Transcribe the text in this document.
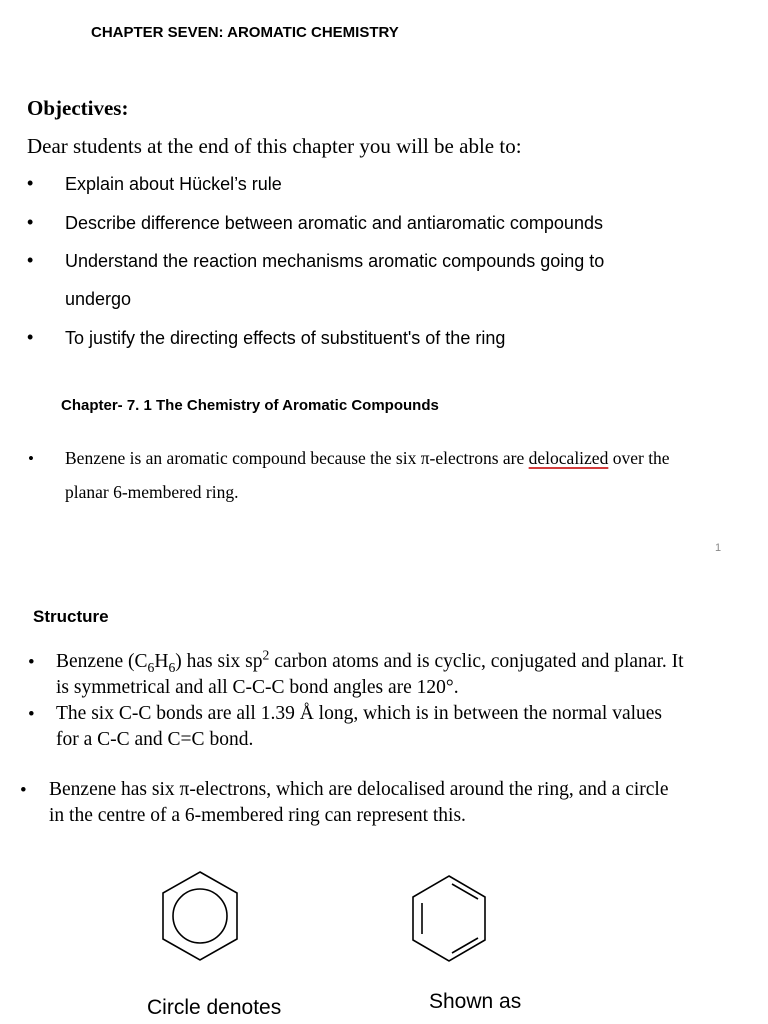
CHAPTER SEVEN: AROMATIC CHEMISTRY
Objectives:
Dear students at the end of this chapter you will be able to:
• Explain about Hückel’s rule
• Describe difference between aromatic and antiaromatic compounds
• Understand the reaction mechanisms aromatic compounds going to
undergo
• To justify the directing effects of substituent's of the ring
Chapter- 7. 1 The Chemistry of Aromatic Compounds
• Benzene is an aromatic compound because the six π-electrons are delocalized over the
planar 6-membered ring.
1
Structure
• Benzene $(C_6H_6)$ has six $sp^2$ carbon atoms and is cyclic, conjugated and planar. It
is symmetrical and all C-C-C bond angles are 120°.
• The six C-C bonds are all 1.39 Å long, which is in between the normal values
for a C-C and C=C bond.
• Benzene has six π-electrons, which are delocalised around the ring, and a circle
in the centre of a 6-membered ring can represent this.
Circle denotes	Shown as
